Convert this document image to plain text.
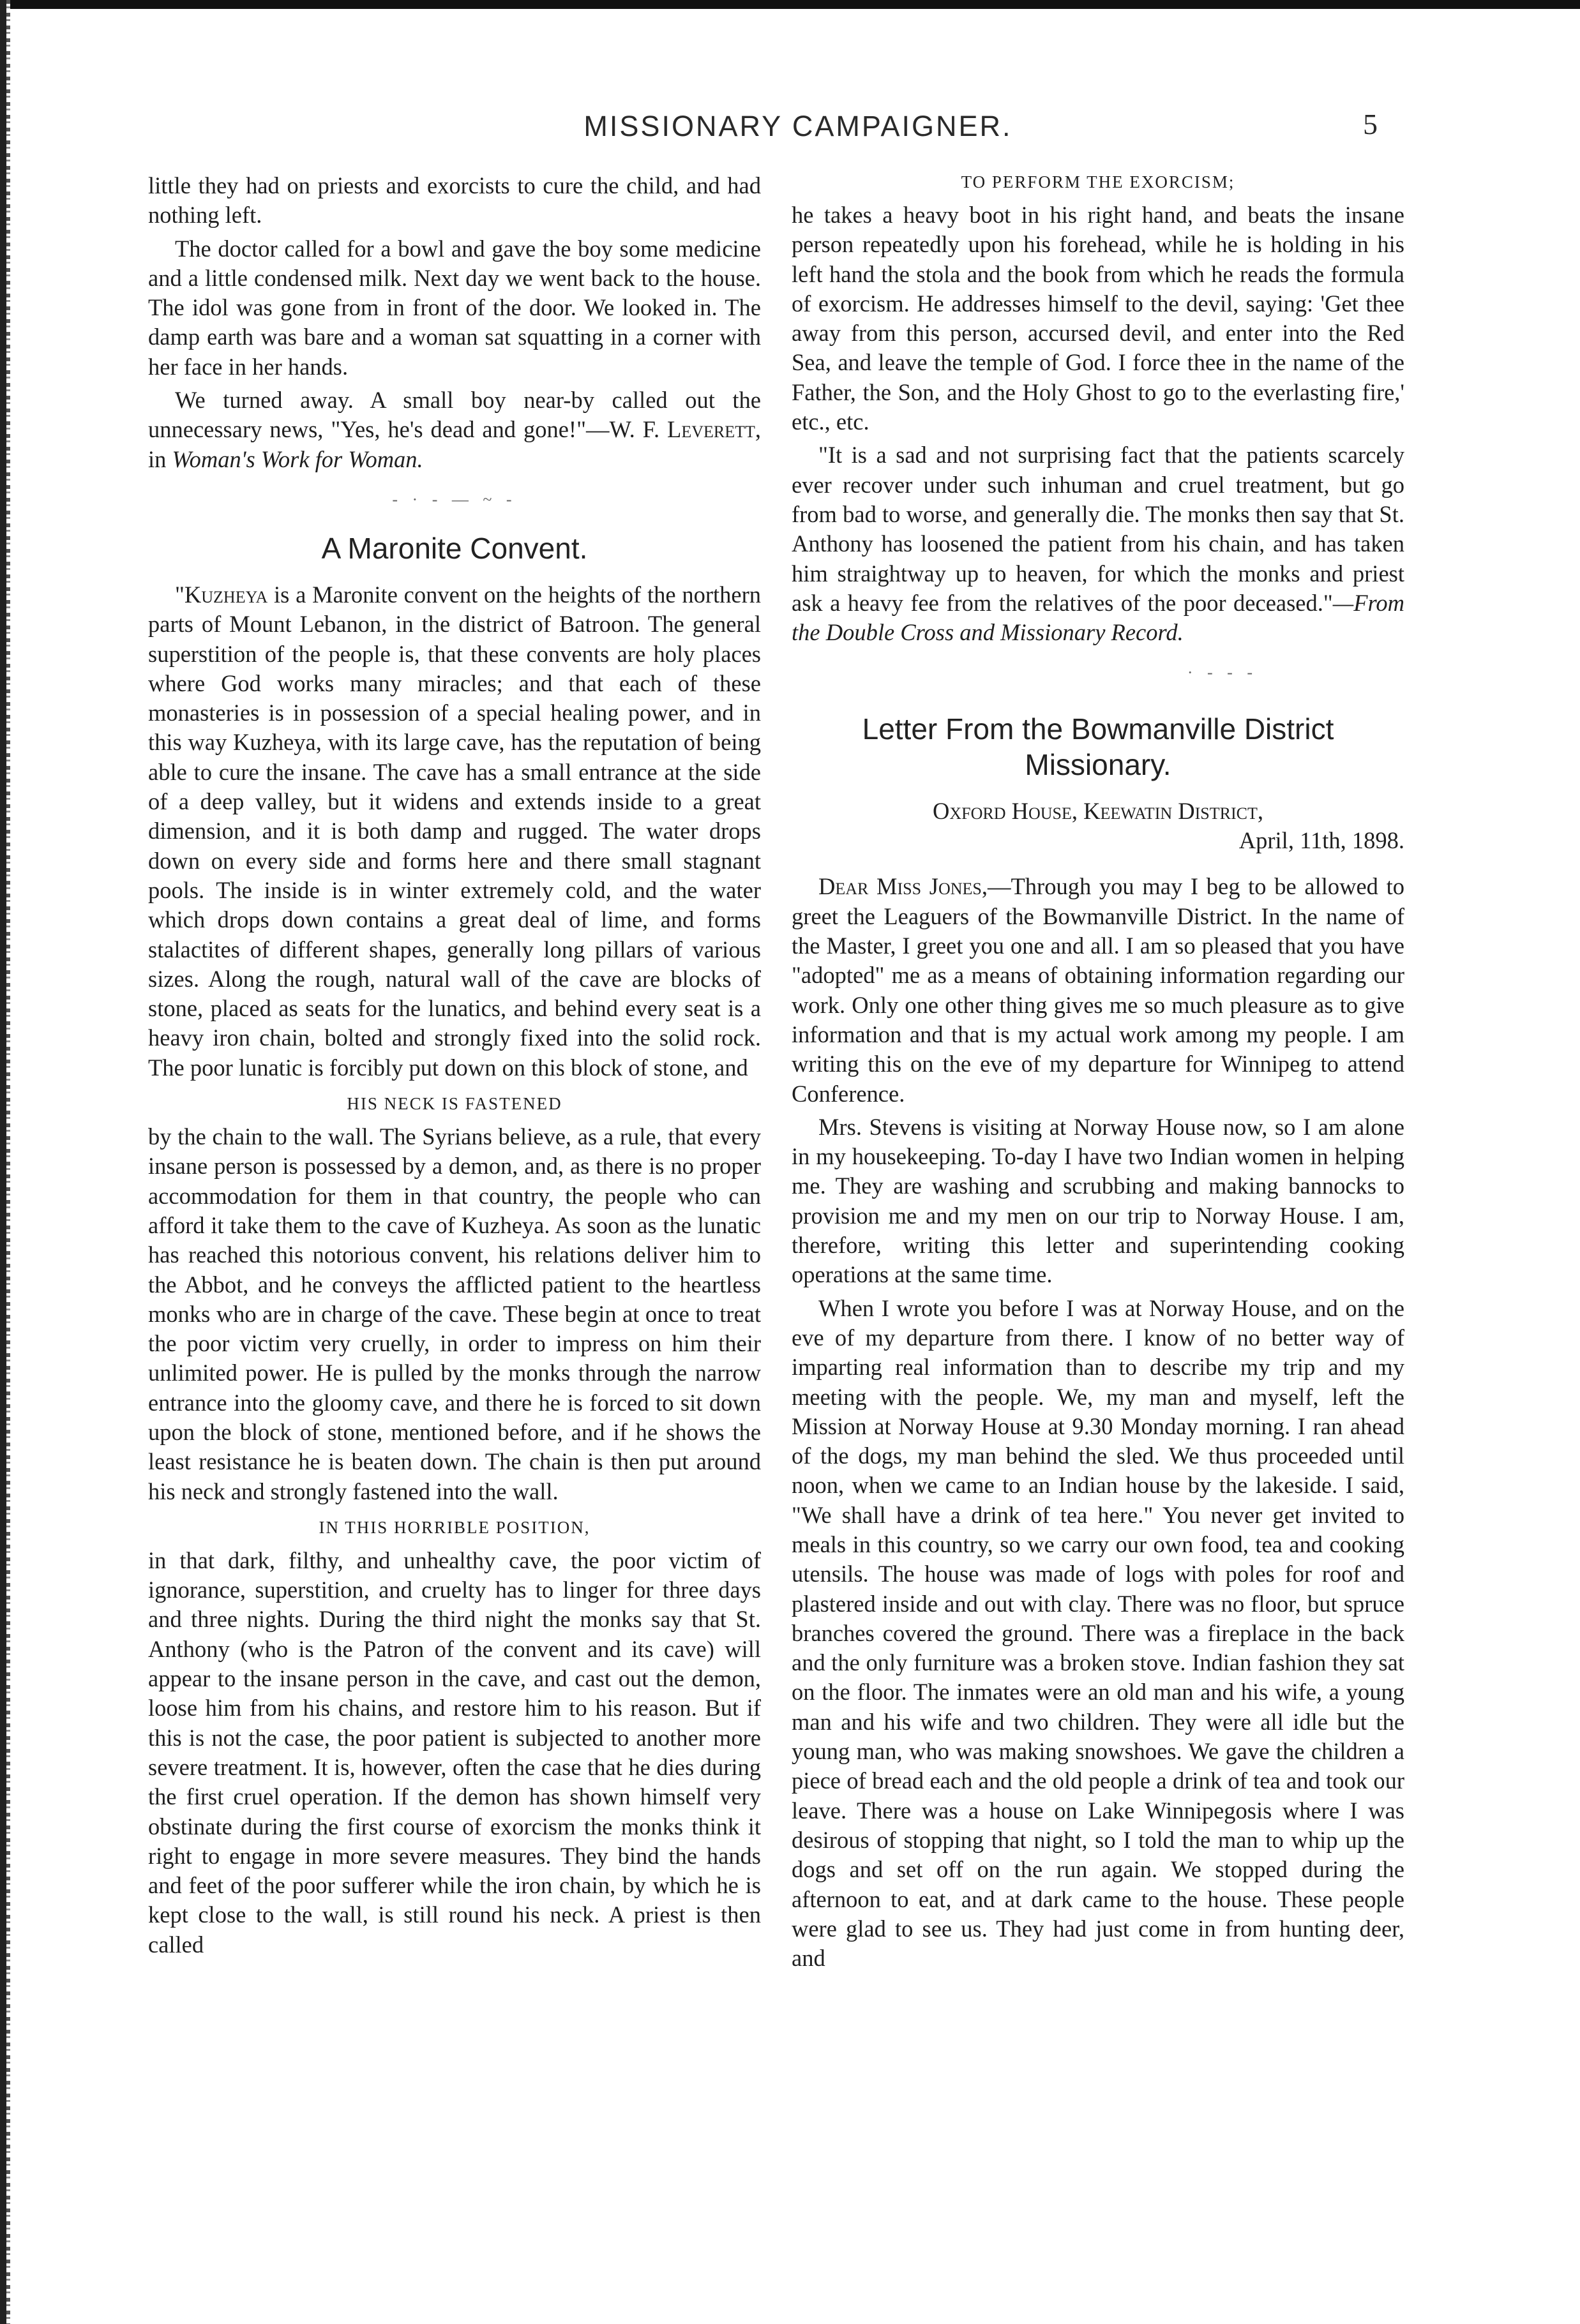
MISSIONARY CAMPAIGNER.	5

little they had on priests and exorcists to cure the child, and had nothing left.

The doctor called for a bowl and gave the boy some medicine and a little condensed milk. Next day we went back to the house. The idol was gone from in front of the door. We looked in. The damp earth was bare and a woman sat squatting in a corner with her face in her hands.

We turned away. A small boy near-by called out the unnecessary news, "Yes, he's dead and gone!"—W. F. Leverett, in Woman's Work for Woman.

- · - — ~ -
A Maronite Convent.

"Kuzheya is a Maronite convent on the heights of the northern parts of Mount Lebanon, in the district of Batroon. The general superstition of the people is, that these convents are holy places where God works many miracles; and that each of these monasteries is in possession of a special healing power, and in this way Kuzheya, with its large cave, has the reputation of being able to cure the insane. The cave has a small entrance at the side of a deep valley, but it widens and extends inside to a great dimension, and it is both damp and rugged. The water drops down on every side and forms here and there small stagnant pools. The inside is in winter extremely cold, and the water which drops down contains a great deal of lime, and forms stalactites of different shapes, generally long pillars of various sizes. Along the rough, natural wall of the cave are blocks of stone, placed as seats for the lunatics, and behind every seat is a heavy iron chain, bolted and strongly fixed into the solid rock. The poor lunatic is forcibly put down on this block of stone, and

HIS NECK IS FASTENED

by the chain to the wall. The Syrians believe, as a rule, that every insane person is possessed by a demon, and, as there is no proper accommodation for them in that country, the people who can afford it take them to the cave of Kuzheya. As soon as the lunatic has reached this notorious convent, his relations deliver him to the Abbot, and he conveys the afflicted patient to the heartless monks who are in charge of the cave. These begin at once to treat the poor victim very cruelly, in order to impress on him their unlimited power. He is pulled by the monks through the narrow entrance into the gloomy cave, and there he is forced to sit down upon the block of stone, mentioned before, and if he shows the least resistance he is beaten down. The chain is then put around his neck and strongly fastened into the wall.

IN THIS HORRIBLE POSITION,

in that dark, filthy, and unhealthy cave, the poor victim of ignorance, superstition, and cruelty has to linger for three days and three nights. During the third night the monks say that St. Anthony (who is the Patron of the convent and its cave) will appear to the insane person in the cave, and cast out the demon, loose him from his chains, and restore him to his reason. But if this is not the case, the poor patient is subjected to another more severe treatment. It is, however, often the case that he dies during the first cruel operation. If the demon has shown himself very obstinate during the first course of exorcism the monks think it right to engage in more severe measures. They bind the hands and feet of the poor sufferer while the iron chain, by which he is kept close to the wall, is still round his neck. A priest is then called

TO PERFORM THE EXORCISM;

he takes a heavy boot in his right hand, and beats the insane person repeatedly upon his forehead, while he is holding in his left hand the stola and the book from which he reads the formula of exorcism. He addresses himself to the devil, saying: 'Get thee away from this person, accursed devil, and enter into the Red Sea, and leave the temple of God. I force thee in the name of the Father, the Son, and the Holy Ghost to go to the everlasting fire,' etc., etc.

"It is a sad and not surprising fact that the patients scarcely ever recover under such inhuman and cruel treatment, but go from bad to worse, and generally die. The monks then say that St. Anthony has loosened the patient from his chain, and has taken him straightway up to heaven, for which the monks and priest ask a heavy fee from the relatives of the poor deceased."—From the Double Cross and Missionary Record.

· - - -
Letter From the Bowmanville District Missionary.
Oxford House, Keewatin District,
April, 11th, 1898.

Dear Miss Jones,—Through you may I beg to be allowed to greet the Leaguers of the Bowmanville District. In the name of the Master, I greet you one and all. I am so pleased that you have "adopted" me as a means of obtaining information regarding our work. Only one other thing gives me so much pleasure as to give information and that is my actual work among my people. I am writing this on the eve of my departure for Winnipeg to attend Conference.

Mrs. Stevens is visiting at Norway House now, so I am alone in my housekeeping. To-day I have two Indian women in helping me. They are washing and scrubbing and making bannocks to provision me and my men on our trip to Norway House. I am, therefore, writing this letter and superintending cooking operations at the same time.

When I wrote you before I was at Norway House, and on the eve of my departure from there. I know of no better way of imparting real information than to describe my trip and my meeting with the people. We, my man and myself, left the Mission at Norway House at 9.30 Monday morning. I ran ahead of the dogs, my man behind the sled. We thus proceeded until noon, when we came to an Indian house by the lakeside. I said, "We shall have a drink of tea here." You never get invited to meals in this country, so we carry our own food, tea and cooking utensils. The house was made of logs with poles for roof and plastered inside and out with clay. There was no floor, but spruce branches covered the ground. There was a fireplace in the back and the only furniture was a broken stove. Indian fashion they sat on the floor. The inmates were an old man and his wife, a young man and his wife and two children. They were all idle but the young man, who was making snowshoes. We gave the children a piece of bread each and the old people a drink of tea and took our leave. There was a house on Lake Winnipegosis where I was desirous of stopping that night, so I told the man to whip up the dogs and set off on the run again. We stopped during the afternoon to eat, and at dark came to the house. These people were glad to see us. They had just come in from hunting deer, and
